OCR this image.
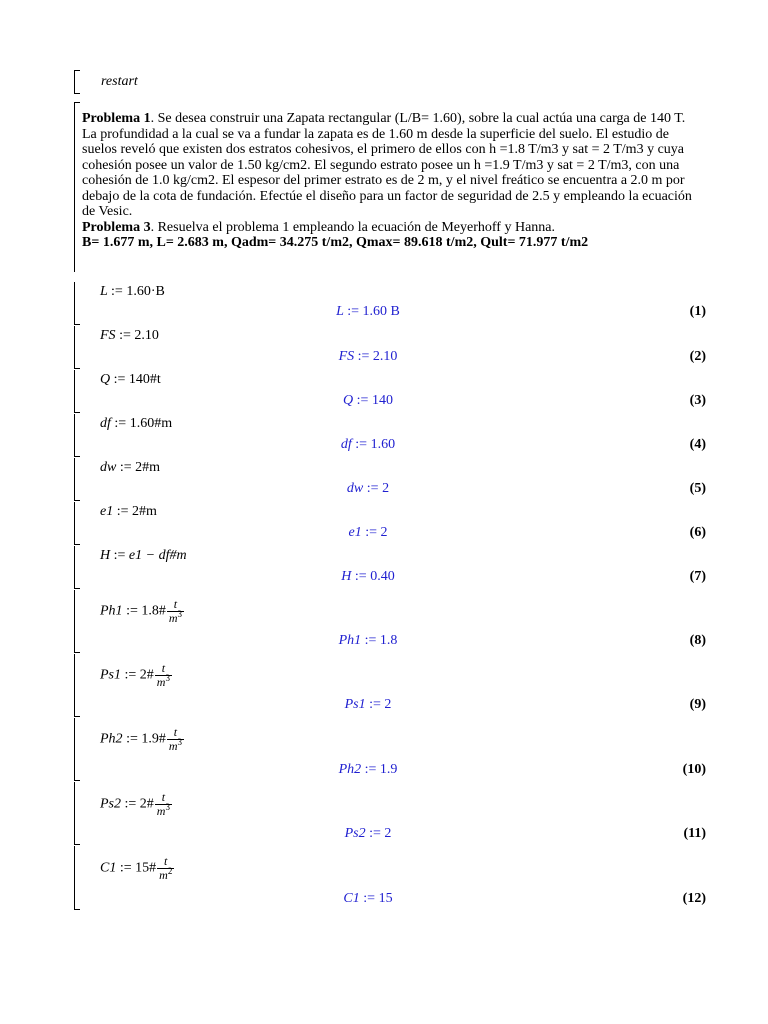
restart

Problema 1. Se desea construir una Zapata rectangular (L/B= 1.60), sobre la cual actúa una carga de 140 T. La profundidad a la cual se va a fundar la zapata es de 1.60 m desde la superficie del suelo. El estudio de suelos reveló que existen dos estratos cohesivos, el primero de ellos con h =1.8 T/m3 y sat = 2 T/m3 y cuya cohesión posee un valor de 1.50 kg/cm2. El segundo estrato posee un h =1.9 T/m3 y sat = 2 T/m3, con una cohesión de 1.0 kg/cm2. El espesor del primer estrato es de 2 m, y el nivel freático se encuentra a 2.0 m por debajo de la cota de fundación. Efectúe el diseño para un factor de seguridad de 2.5 y empleando la ecuación de Vesic.

Problema 3. Resuelva el problema 1 empleando la ecuación de Meyerhoff y Hanna.

B= 1.677 m, L= 2.683 m, Qadm= 34.275 t/m2, Qmax= 89.618 t/m2, Qult= 71.977 t/m2

L := 1.60·B
L := 1.60 B	(1)
FS := 2.10
FS := 2.10	(2)
Q := 140#t
Q := 140	(3)
df := 1.60#m
df := 1.60	(4)
dw := 2#m
dw := 2	(5)
e1 := 2#m
e1 := 2	(6)
H := e1 − df#m
H := 0.40	(7)
Ph1 := 1.8# $\frac{t}{m^3}$
Ph1 := 1.8	(8)
Ps1 := 2# $\frac{t}{m^3}$
Ps1 := 2	(9)
Ph2 := 1.9# $\frac{t}{m^3}$
Ph2 := 1.9	(10)
Ps2 := 2# $\frac{t}{m^3}$
Ps2 := 2	(11)
C1 := 15# $\frac{t}{m^2}$
C1 := 15	(12)
